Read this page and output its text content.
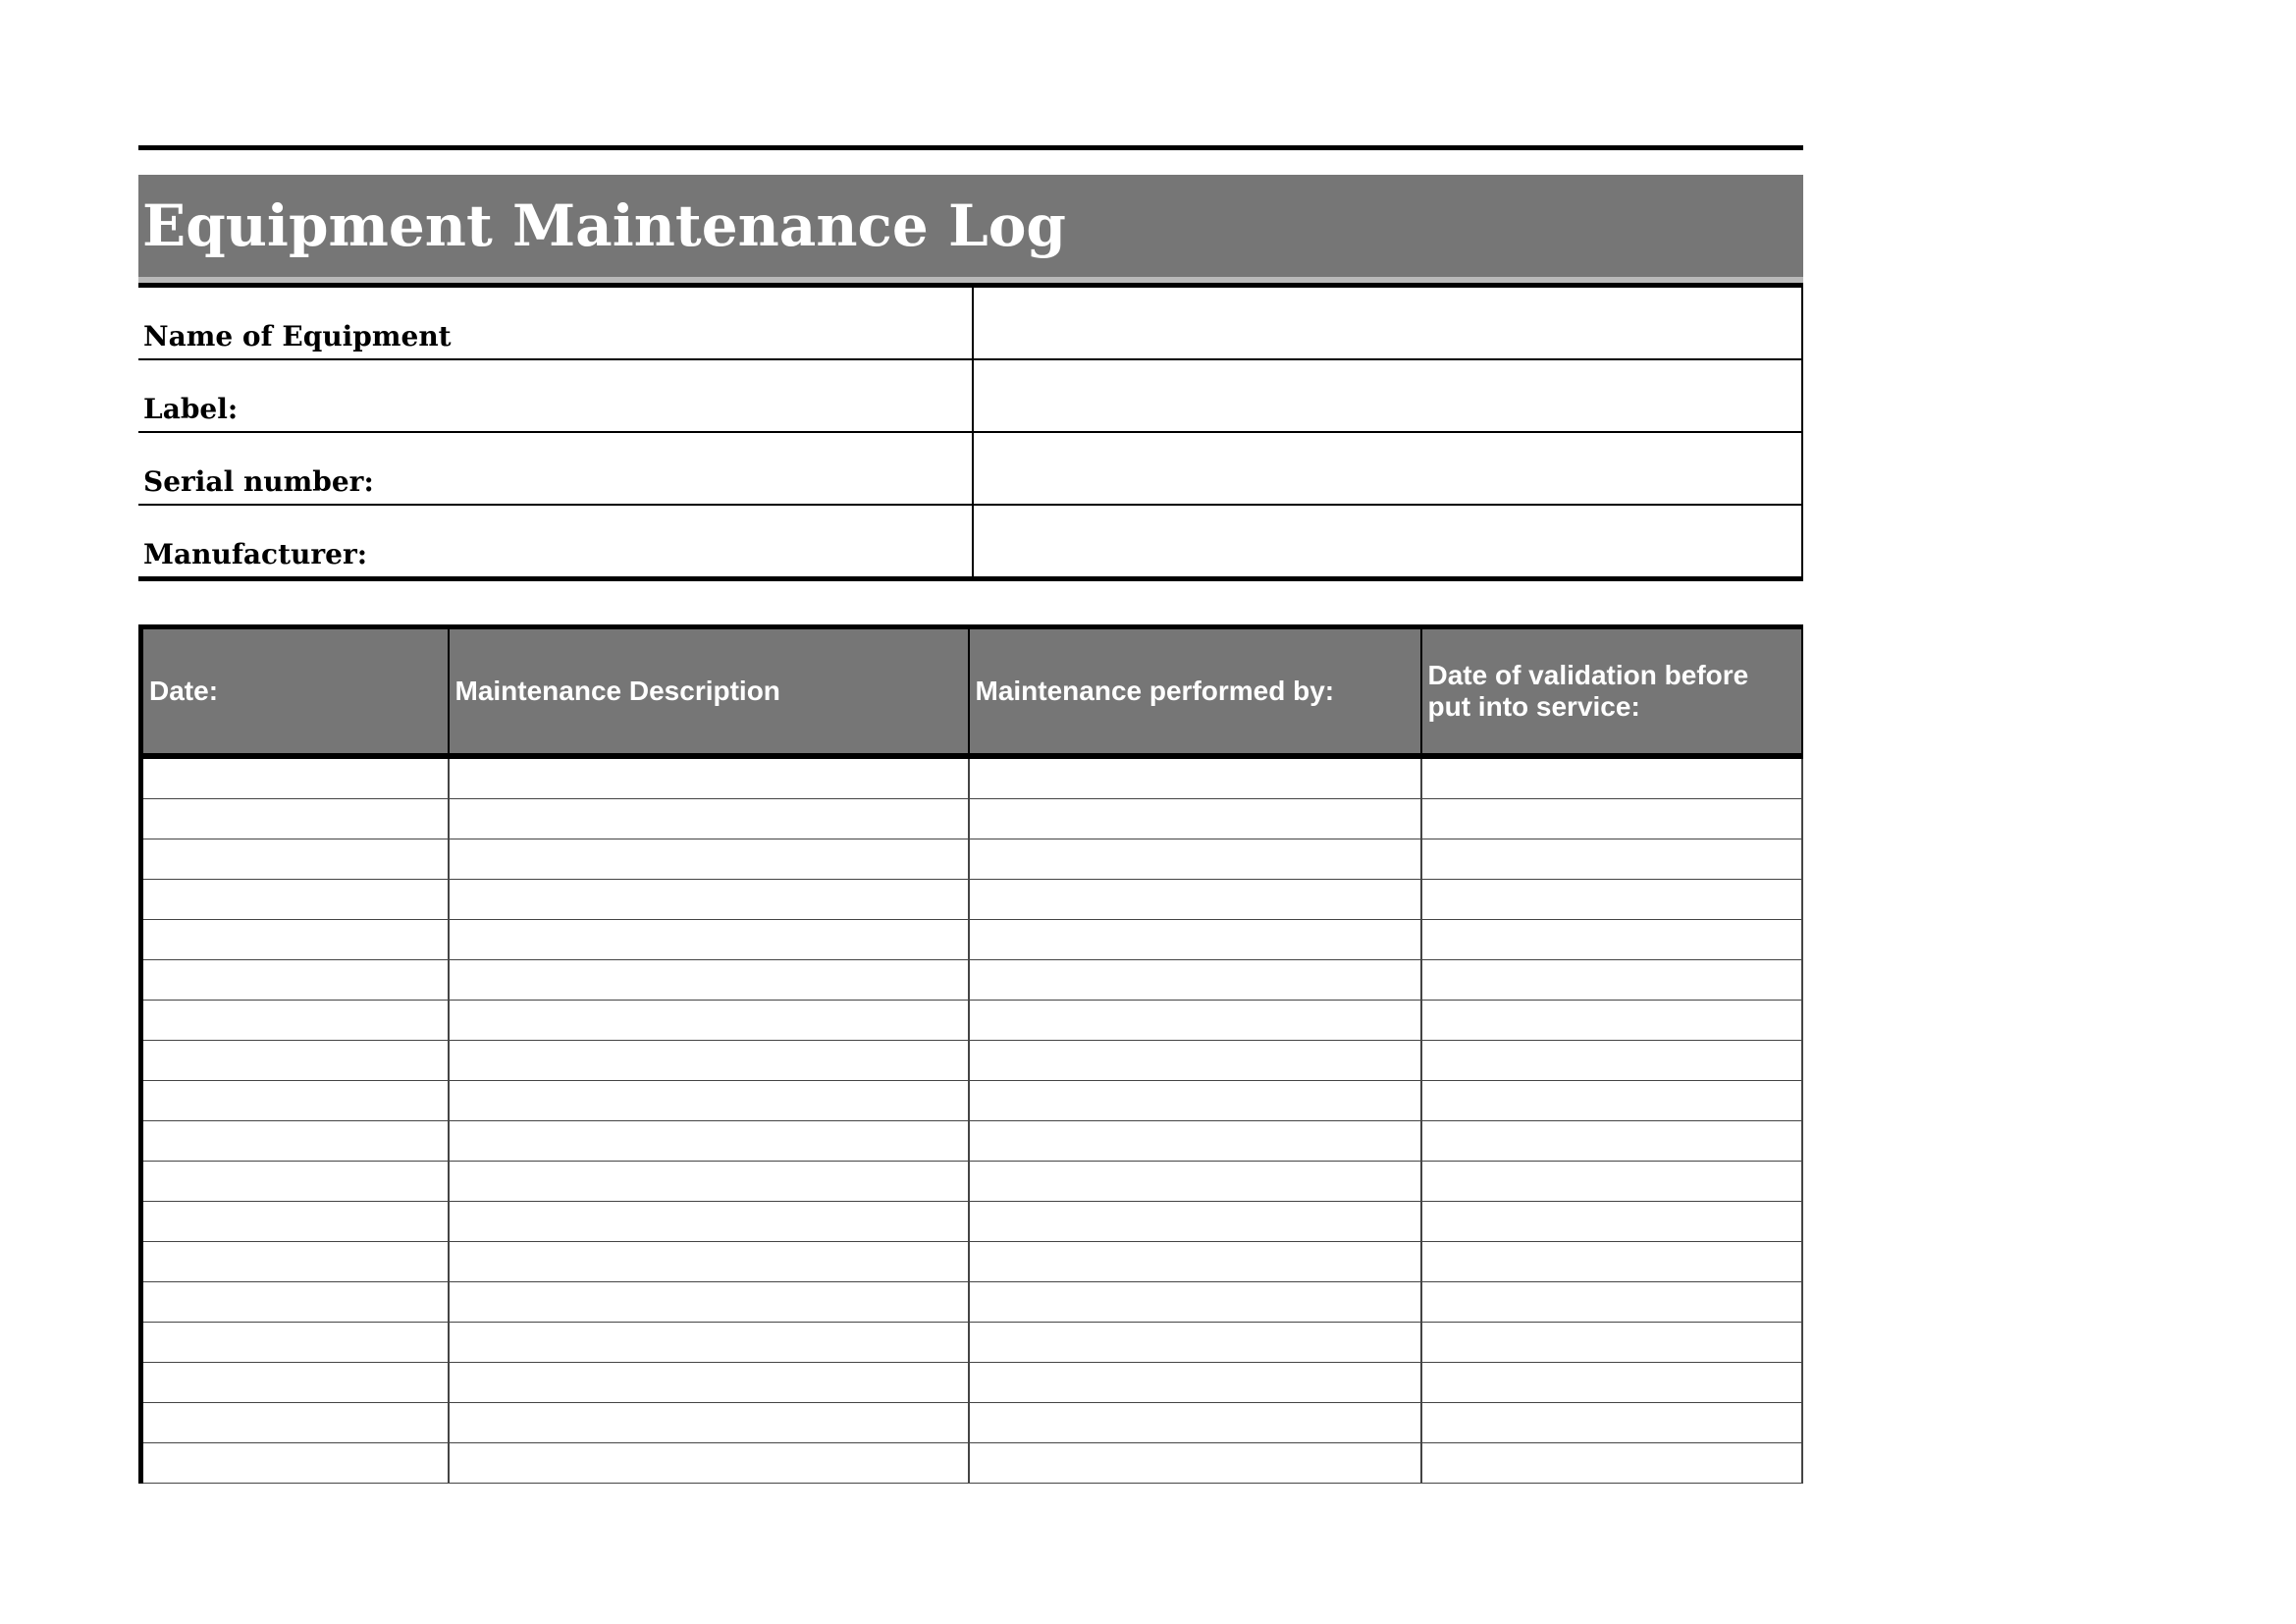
Equipment Maintenance Log
Name of Equipment	
Label:	
Serial number:	
Manufacturer:	
Date:	Maintenance Description	Maintenance performed by:	Date of validation before put into service:
